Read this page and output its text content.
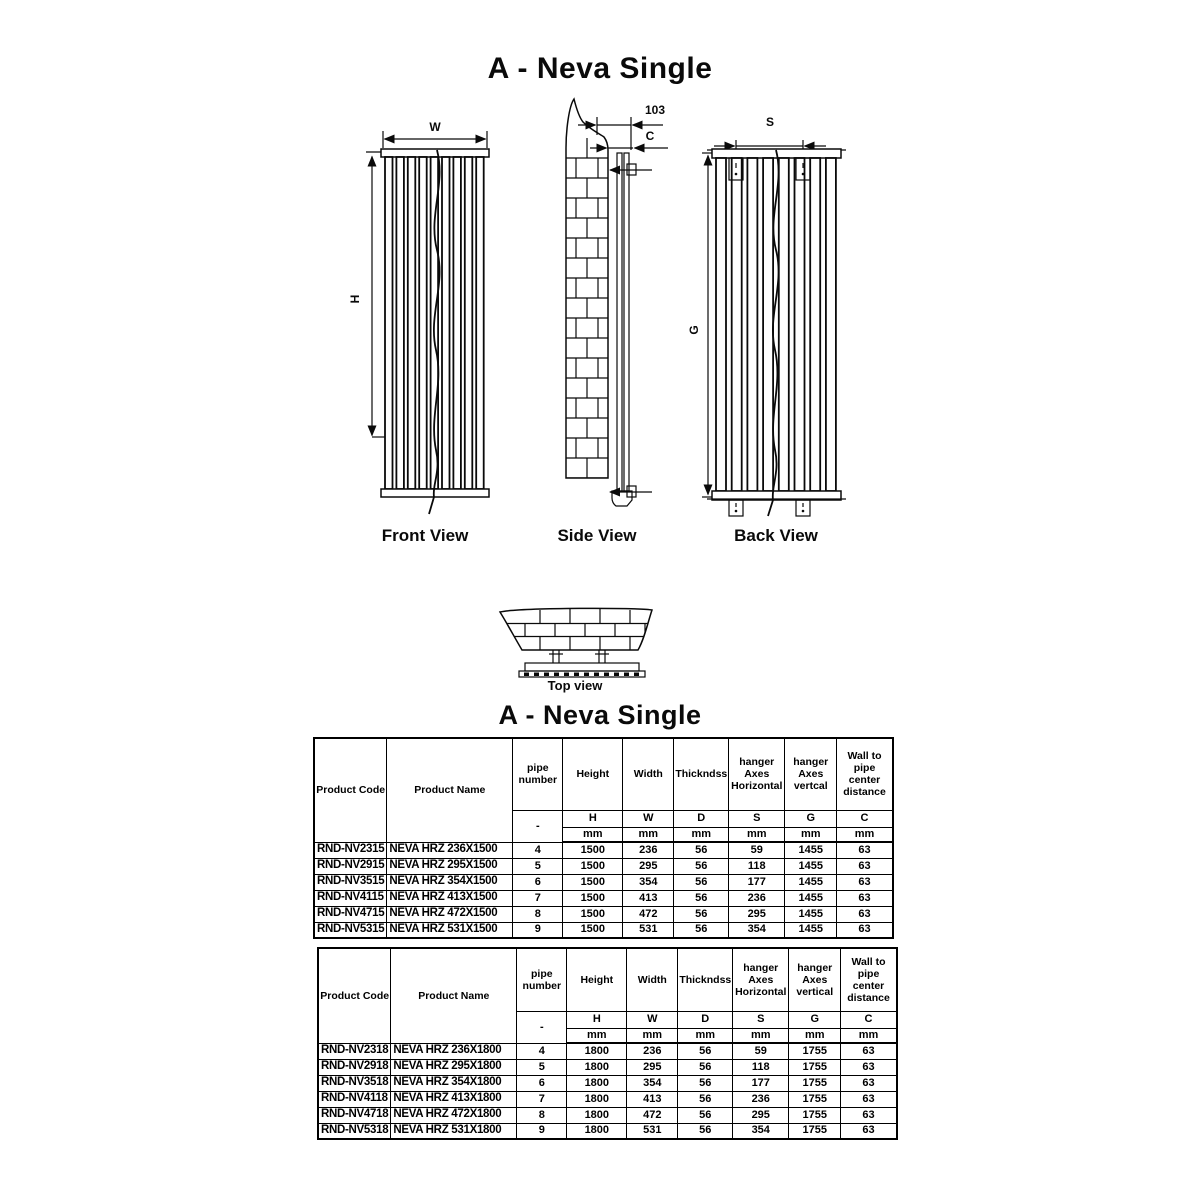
A - Neva Single
W
H
Front View
103
C
Side View
S
G
Back View
Top view
A - Neva Single
Product Code	Product Name	pipe number	Height	Width	Thickndss	hanger Axes Horizontal	hanger Axes vertcal	Wall to pipe center distance
		-	H	W	D	S	G	C
			mm	mm	mm	mm	mm	mm
RND-NV2315	NEVA HRZ 236X1500	4	1500	236	56	59	1455	63
RND-NV2915	NEVA HRZ 295X1500	5	1500	295	56	118	1455	63
RND-NV3515	NEVA HRZ 354X1500	6	1500	354	56	177	1455	63
RND-NV4115	NEVA HRZ 413X1500	7	1500	413	56	236	1455	63
RND-NV4715	NEVA HRZ 472X1500	8	1500	472	56	295	1455	63
RND-NV5315	NEVA HRZ 531X1500	9	1500	531	56	354	1455	63
Product Code	Product Name	pipe number	Height	Width	Thickndss	hanger Axes Horizontal	hanger Axes vertical	Wall to pipe center distance
		-	H	W	D	S	G	C
			mm	mm	mm	mm	mm	mm
RND-NV2318	NEVA HRZ 236X1800	4	1800	236	56	59	1755	63
RND-NV2918	NEVA HRZ 295X1800	5	1800	295	56	118	1755	63
RND-NV3518	NEVA HRZ 354X1800	6	1800	354	56	177	1755	63
RND-NV4118	NEVA HRZ 413X1800	7	1800	413	56	236	1755	63
RND-NV4718	NEVA HRZ 472X1800	8	1800	472	56	295	1755	63
RND-NV5318	NEVA HRZ 531X1800	9	1800	531	56	354	1755	63
